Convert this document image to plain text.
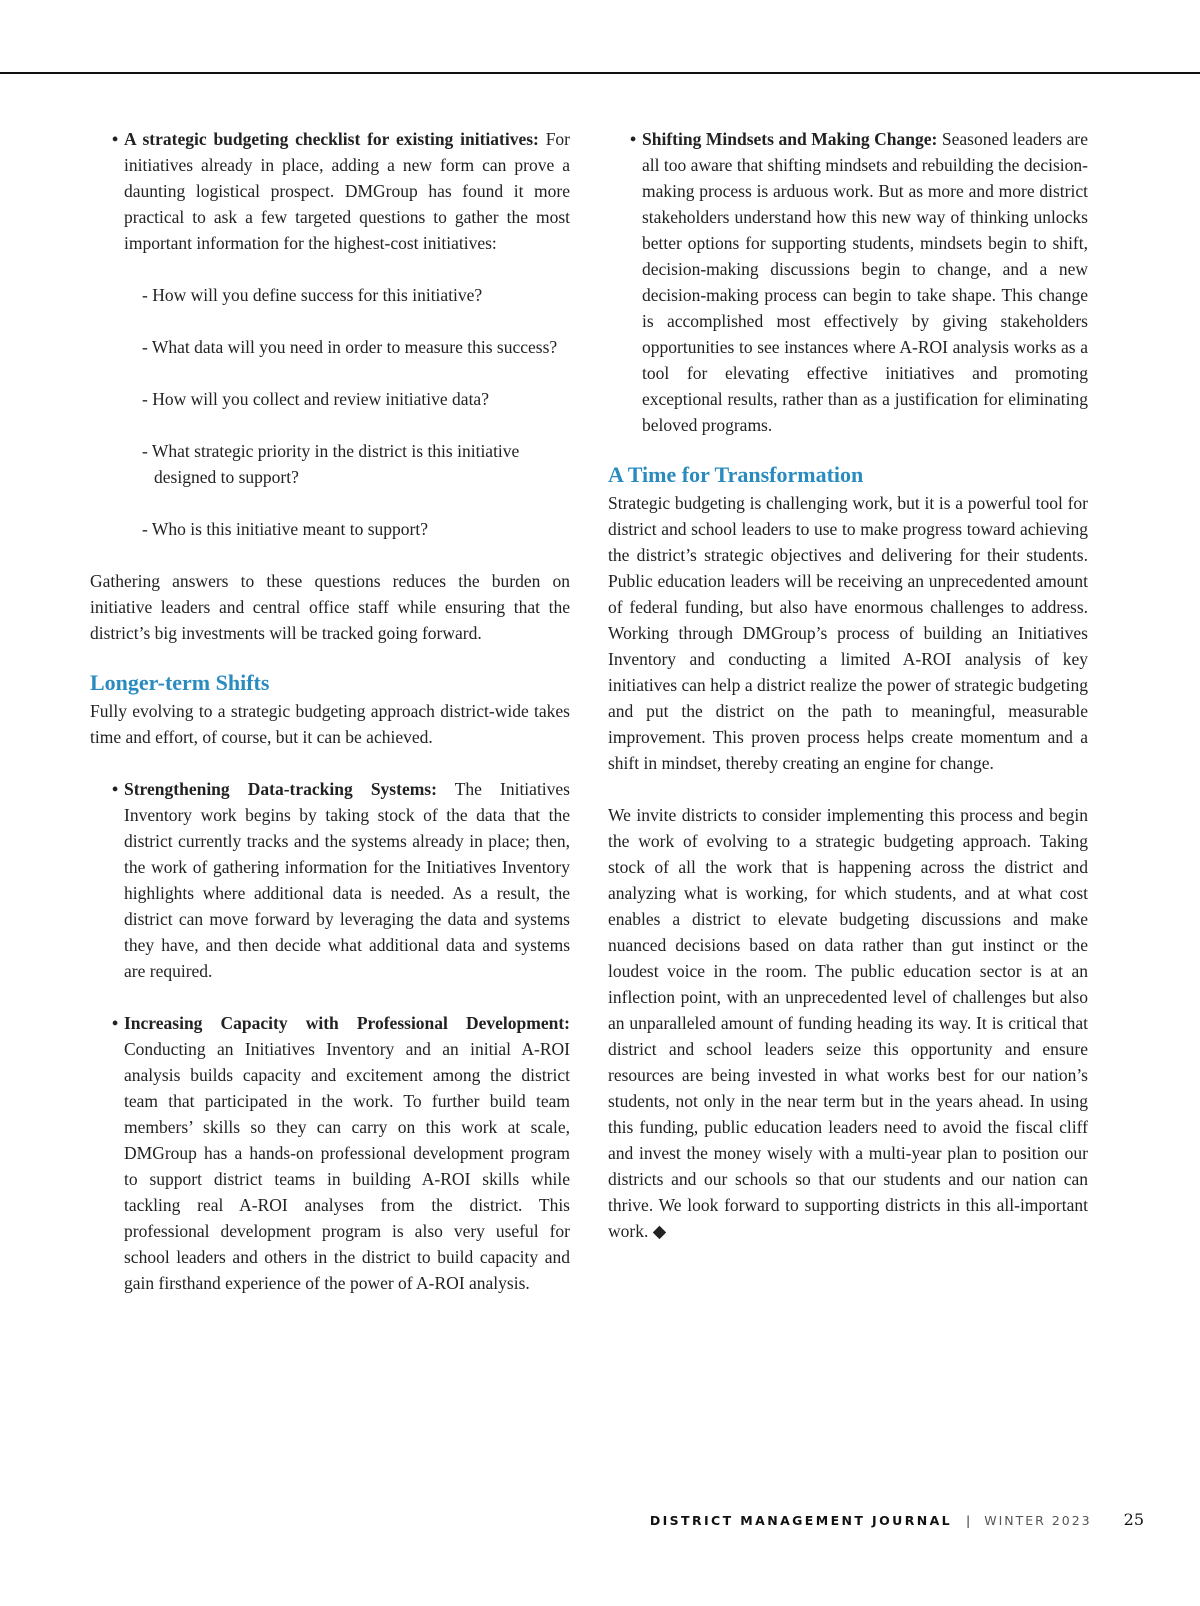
• A strategic budgeting checklist for existing initiatives: For initiatives already in place, adding a new form can prove a daunting logistical prospect. DMGroup has found it more practical to ask a few targeted questions to gather the most important information for the highest-cost initiatives:

- How will you define success for this initiative?

- What data will you need in order to measure this success?

- How will you collect and review initiative data?

- What strategic priority in the district is this initiative designed to support?

- Who is this initiative meant to support?

Gathering answers to these questions reduces the burden on initiative leaders and central office staff while ensuring that the district’s big investments will be tracked going forward.

Longer-term Shifts

Fully evolving to a strategic budgeting approach district-wide takes time and effort, of course, but it can be achieved.

• Strengthening Data-tracking Systems: The Initiatives Inventory work begins by taking stock of the data that the district currently tracks and the systems already in place; then, the work of gathering information for the Initiatives Inventory highlights where additional data is needed. As a result, the district can move forward by leveraging the data and systems they have, and then decide what additional data and systems are required.

• Increasing Capacity with Professional Development: Conducting an Initiatives Inventory and an initial A-ROI analysis builds capacity and excitement among the district team that participated in the work. To further build team members’ skills so they can carry on this work at scale, DMGroup has a hands-on professional development program to support district teams in building A-ROI skills while tackling real A-ROI analyses from the district. This professional development program is also very useful for school leaders and others in the district to build capacity and gain firsthand experience of the power of A-ROI analysis.

• Shifting Mindsets and Making Change: Seasoned leaders are all too aware that shifting mindsets and rebuilding the decision-making process is arduous work. But as more and more district stakeholders understand how this new way of thinking unlocks better options for supporting students, mindsets begin to shift, decision-making discussions begin to change, and a new decision-making process can begin to take shape. This change is accomplished most effectively by giving stakeholders opportunities to see instances where A-ROI analysis works as a tool for elevating effective initiatives and promoting exceptional results, rather than as a justification for eliminating beloved programs.

A Time for Transformation

Strategic budgeting is challenging work, but it is a powerful tool for district and school leaders to use to make progress toward achieving the district’s strategic objectives and delivering for their students. Public education leaders will be receiving an unprecedented amount of federal funding, but also have enormous challenges to address. Working through DMGroup’s process of building an Initiatives Inventory and conducting a limited A-ROI analysis of key initiatives can help a district realize the power of strategic budgeting and put the district on the path to meaningful, measurable improvement. This proven process helps create momentum and a shift in mindset, thereby creating an engine for change.

We invite districts to consider implementing this process and begin the work of evolving to a strategic budgeting approach. Taking stock of all the work that is happening across the district and analyzing what is working, for which students, and at what cost enables a district to elevate budgeting discussions and make nuanced decisions based on data rather than gut instinct or the loudest voice in the room. The public education sector is at an inflection point, with an unprecedented level of challenges but also an unparalleled amount of funding heading its way. It is critical that district and school leaders seize this opportunity and ensure resources are being invested in what works best for our nation’s students, not only in the near term but in the years ahead. In using this funding, public education leaders need to avoid the fiscal cliff and invest the money wisely with a multi-year plan to position our districts and our schools so that our students and our nation can thrive. We look forward to supporting districts in this all-important work. ◆

DISTRICT MANAGEMENT JOURNAL | WINTER 2023 25
